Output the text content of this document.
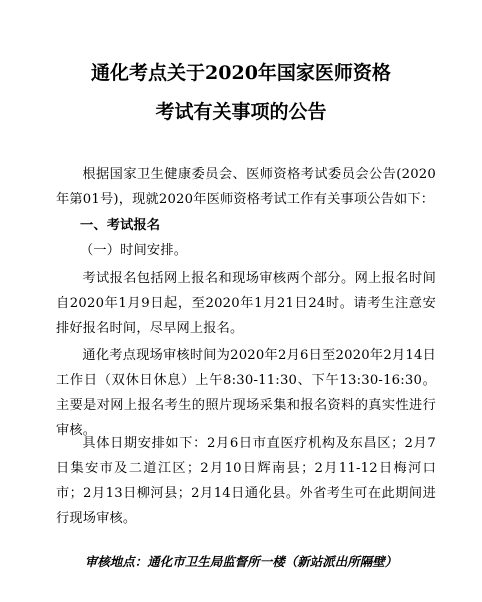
通化考点关于2020年国家医师资格
考试有关事项的公告
根据国家卫生健康委员会、医师资格考试委员会公告(2020年第01号)，现就2020年医师资格考试工作有关事项公告如下：
一、考试报名
（一）时间安排。
考试报名包括网上报名和现场审核两个部分。网上报名时间自2020年1月9日起，至2020年1月21日24时。请考生注意安排好报名时间，尽早网上报名。
通化考点现场审核时间为2020年2月6日至2020年2月14日工作日（双休日休息）上午8:30-11:30、下午13:30-16:30。主要是对网上报名考生的照片现场采集和报名资料的真实性进行审核。
具体日期安排如下：2月6日市直医疗机构及东昌区；2月7日集安市及二道江区；2月10日辉南县；2月11-12日梅河口市；2月13日柳河县；2月14日通化县。外省考生可在此期间进行现场审核。
审核地点：通化市卫生局监督所一楼（新站派出所隔壁）
